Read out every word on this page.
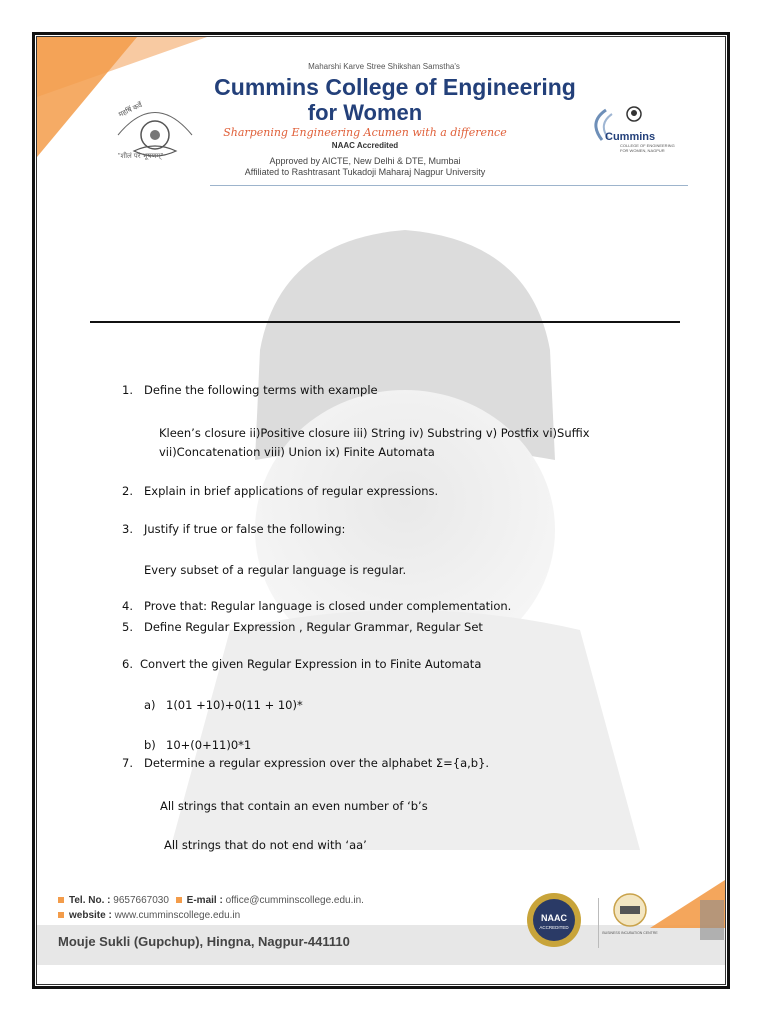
महर्षि कर्वे
"शीलं परं भूषणम्"
Maharshi Karve Stree Shikshan Samstha's
Cummins College of Engineering
for Women
Sharpening Engineering Acumen with a difference
NAAC Accredited
Approved by AICTE, New Delhi & DTE, Mumbai
Affiliated to Rashtrasant Tukadoji Maharaj Nagpur University
Cummins
COLLEGE OF ENGINEERING FOR WOMEN, NAGPUR
1. Define the following terms with example
Kleen’s closure ii)Positive closure iii) String iv) Substring v) Postfix vi)Suffix
vii)Concatenation viii) Union ix) Finite Automata
2. Explain in brief applications of regular expressions.
3. Justify if true or false the following:
Every subset of a regular language is regular.
4. Prove that: Regular language is closed under complementation.
5. Define Regular Expression , Regular Grammar, Regular Set
6. Convert the given Regular Expression in to Finite Automata
a) 1(01 +10)+0(11 + 10)*
b) 10+(0+11)0*1
7. Determine a regular expression over the alphabet Σ={a,b}.
All strings that contain an even number of ‘b’s
All strings that do not end with ‘aa’
Tel. No. : 9657667030 E-mail : office@cumminscollege.edu.in.
website : www.cumminscollege.edu.in
Mouje Sukli (Gupchup), Hingna, Nagpur-441110
NAAC
ACCREDITED
BUSINESS INCUBATION CENTRE
